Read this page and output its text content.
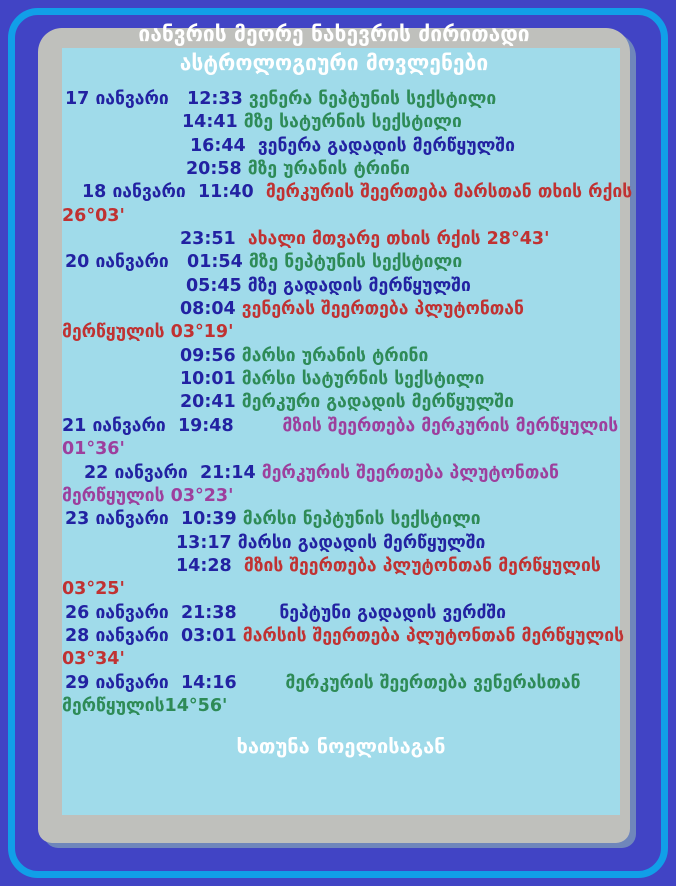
იანვრის მეორე ნახევრის ძირითადი
ასტროლოგიური მოვლენები
17 იანვარი   12:33 ვენერა ნეპტუნის სექსტილი
14:41 მზე სატურნის სექსტილი
16:44  ვენერა გადადის მერწყულში
20:58 მზე ურანის ტრინი
18 იანვარი  11:40  მერკურის შეერთება მარსთან თხის რქის
26°03'
23:51  ახალი მთვარე თხის რქის 28°43'
20 იანვარი   01:54 მზე ნეპტუნის სექსტილი
05:45 მზე გადადის მერწყულში
08:04 ვენერას შეერთება პლუტონთან
მერწყულის 03°19'
09:56 მარსი ურანის ტრინი
10:01 მარსი სატურნის სექსტილი
20:41 მერკური გადადის მერწყულში
21 იანვარი  19:48        მზის შეერთება მერკურის მერწყულის
01°36'
22 იანვარი  21:14 მერკურის შეერთება პლუტონთან
მერწყულის 03°23'
23 იანვარი  10:39 მარსი ნეპტუნის სექსტილი
13:17 მარსი გადადის მერწყულში
14:28  მზის შეერთება პლუტონთან მერწყულის
03°25'
26 იანვარი  21:38       ნეპტუნი გადადის ვერძში
28 იანვარი  03:01 მარსის შეერთება პლუტონთან მერწყულის
03°34'
29 იანვარი  14:16        მერკურის შეერთება ვენერასთან
მერწყულის14°56'
ხათუნა ნოელისაგან
